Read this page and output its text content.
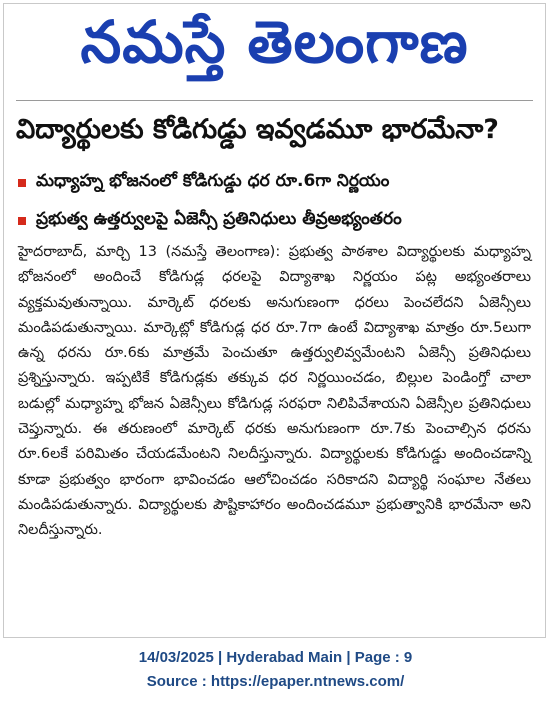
నమస్తే తెలంగాణ
విద్యార్థులకు కోడిగుడ్డు ఇవ్వడమూ భారమేనా?
మధ్యాహ్న భోజనంలో కోడిగుడ్డు ధర రూ.6గా నిర్ణయం
ప్రభుత్వ ఉత్తర్వులపై ఏజెన్సీ ప్రతినిధులు తీవ్రఅభ్యంతరం

హైదరాబాద్, మార్చి 13 (నమస్తే తెలంగాణ): ప్రభుత్వ పాఠశాల విద్యార్థులకు మధ్యాహ్న భోజనంలో అందించే కోడిగుడ్ల ధరలపై విద్యాశాఖ నిర్ణయం పట్ల అభ్యంతరాలు వ్యక్తమవుతున్నాయి. మార్కెట్ ధరలకు అనుగుణంగా ధరలు పెంచలేదని ఏజెన్సీలు మండిపడుతున్నాయి. మార్కెట్లో కోడిగుడ్ల ధర రూ.7గా ఉంటే విద్యాశాఖ మాత్రం రూ.5లుగా ఉన్న ధరను రూ.6కు మాత్రమే పెంచుతూ ఉత్తర్వులివ్వమేంటని ఏజెన్సీ ప్రతినిధులు ప్రశ్నిస్తున్నారు. ఇప్పటికే కోడిగుడ్లకు తక్కువ ధర నిర్ణయించడం, బిల్లుల పెండింగ్తో చాలా బడుల్లో మధ్యాహ్న భోజన ఏజెన్సీలు కోడిగుడ్ల సరఫరా నిలిపివేశాయని ఏజెన్సీల ప్రతినిధులు చెప్తున్నారు. ఈ తరుణంలో మార్కెట్ ధరకు అనుగుణంగా రూ.7కు పెంచాల్సిన ధరను రూ.6లకే పరిమితం చేయడమేంటని నిలదీస్తున్నారు. విద్యార్థులకు కోడిగుడ్డు అందించడాన్ని కూడా ప్రభుత్వం భారంగా భావించడం ఆలోచించడం సరికాదని విద్యార్థి సంఘాల నేతలు మండిపడుతున్నారు. విద్యార్థులకు పౌష్టికాహారం అందించడమూ ప్రభుత్వానికి భారమేనా అని నిలదీస్తున్నారు.

14/03/2025 | Hyderabad Main | Page : 9
Source : https://epaper.ntnews.com/
